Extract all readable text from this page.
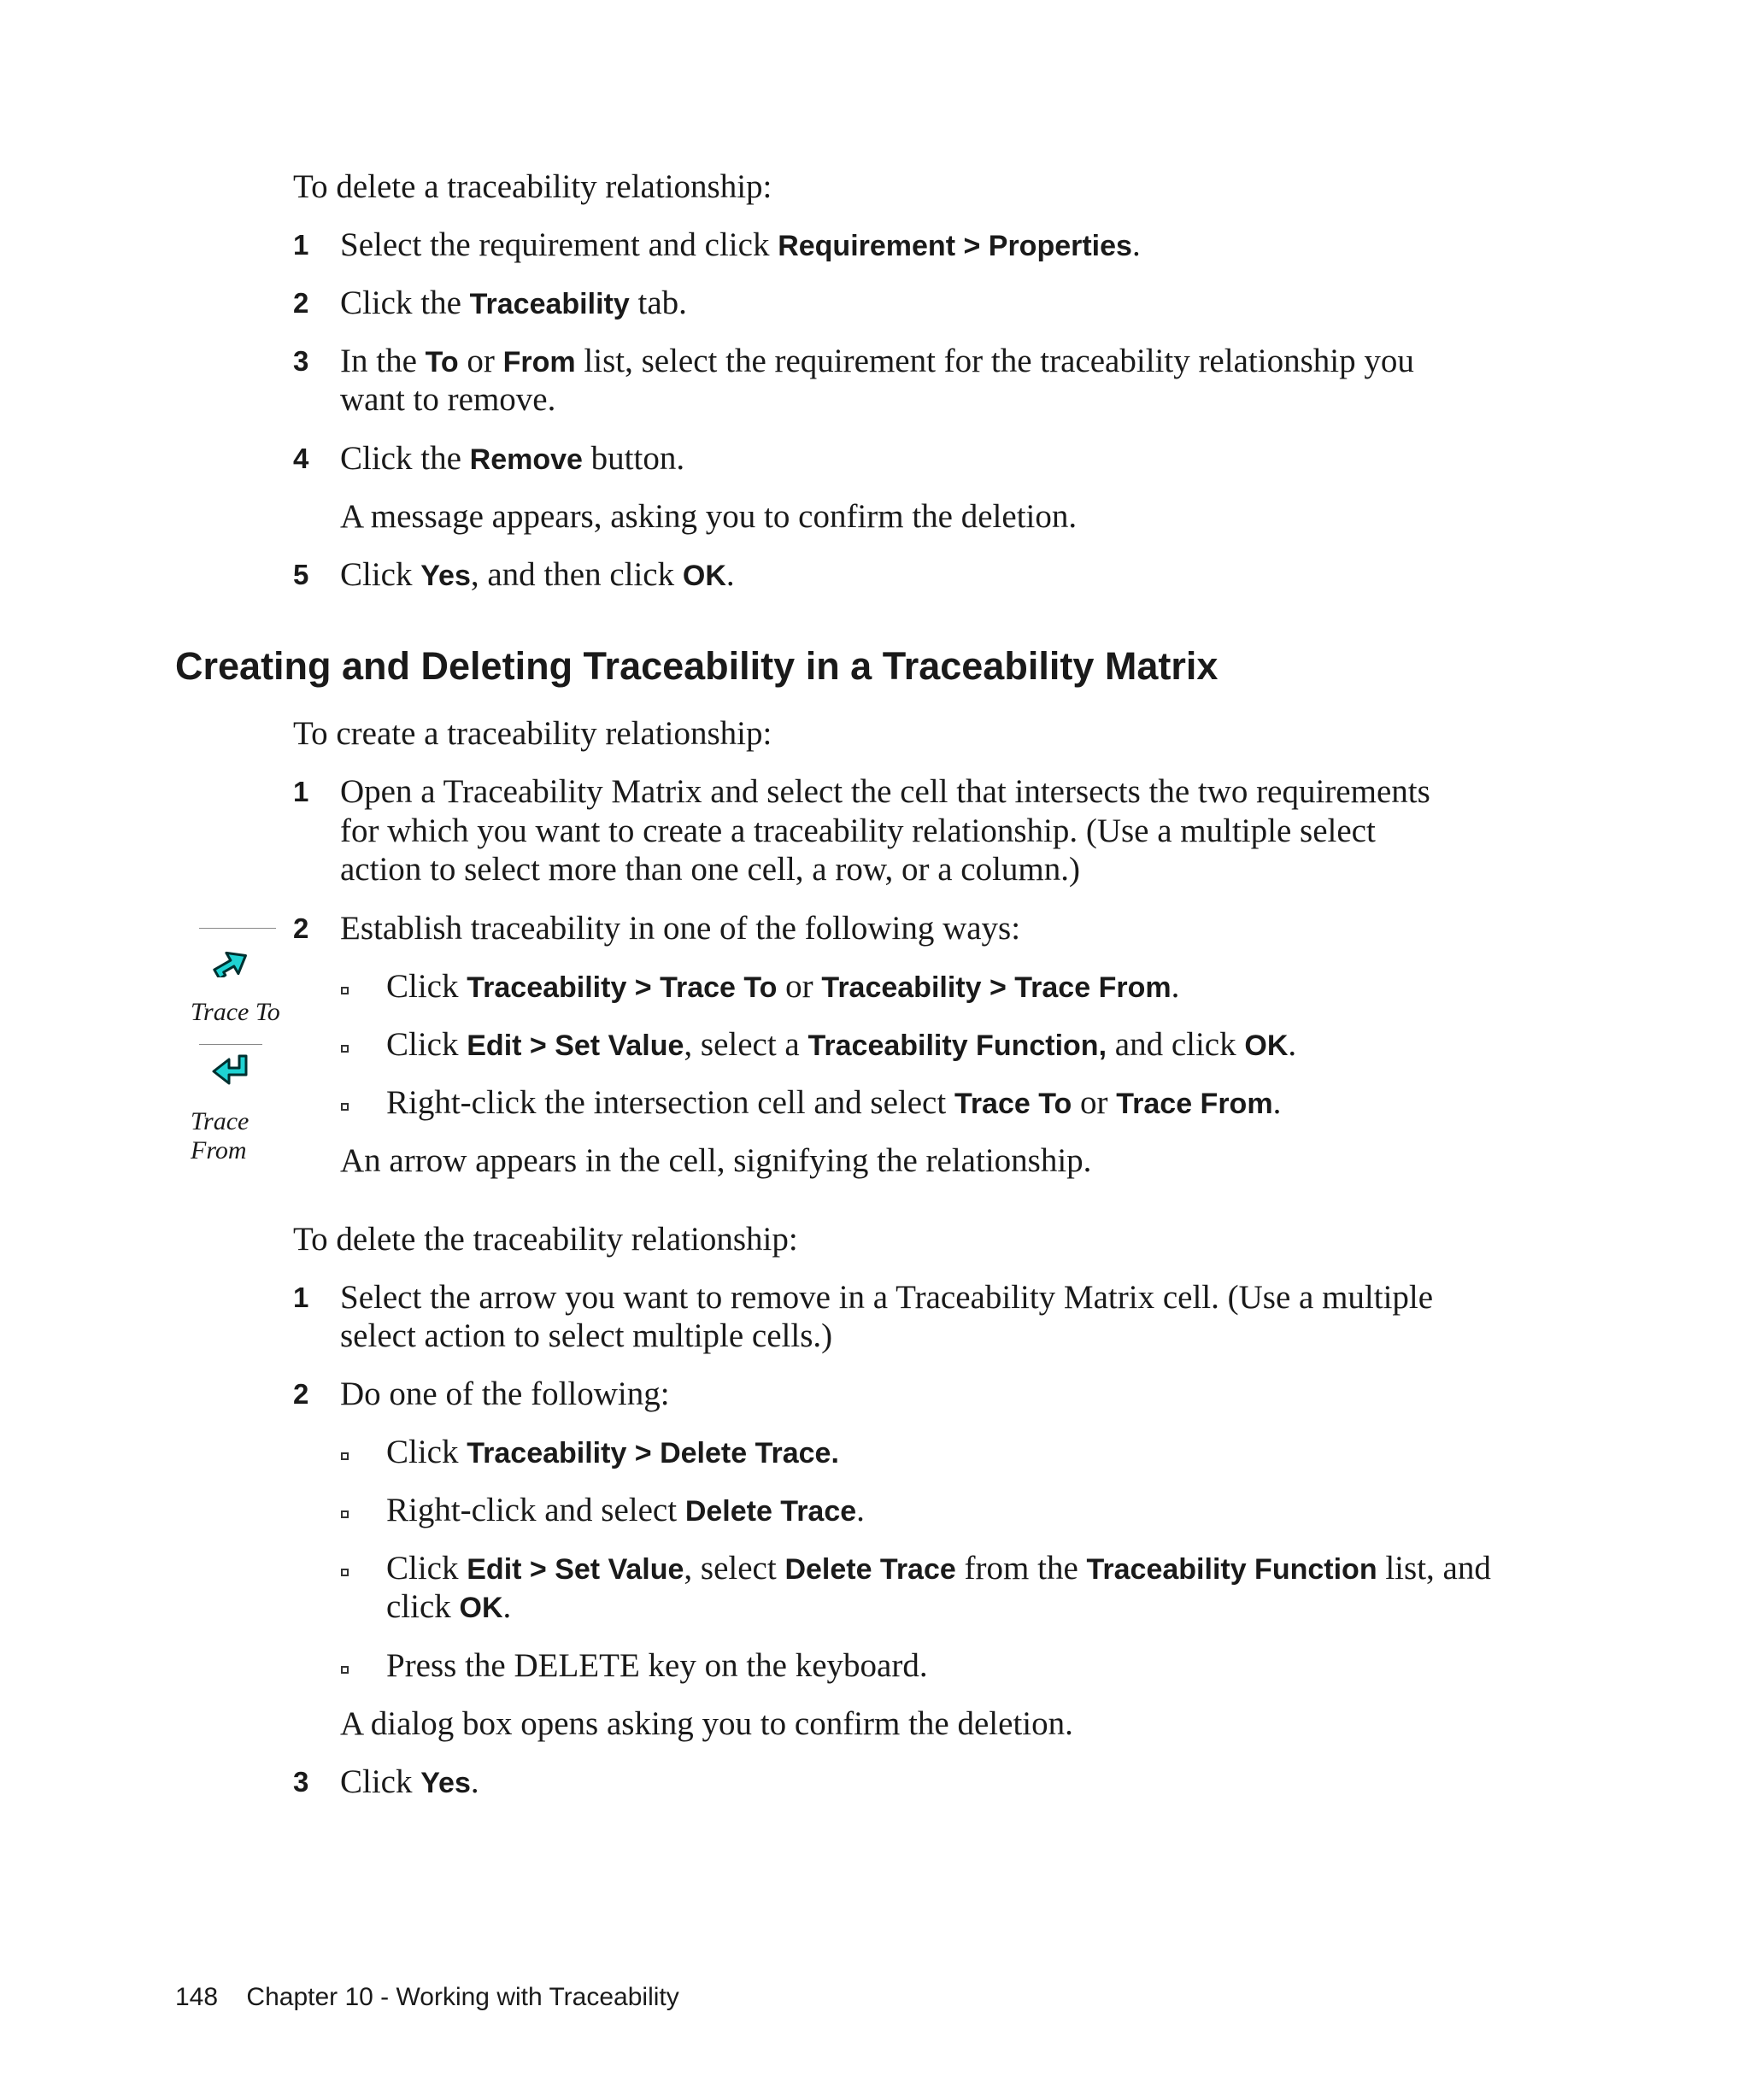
To delete a traceability relationship:
1 Select the requirement and click Requirement > Properties.
2 Click the Traceability tab.
3 In the To or From list, select the requirement for the traceability relationship you
want to remove.
4 Click the Remove button.
A message appears, asking you to confirm the deletion.
5 Click Yes, and then click OK.
Creating and Deleting Traceability in a Traceability Matrix
To create a traceability relationship:
1 Open a Traceability Matrix and select the cell that intersects the two requirements
for which you want to create a traceability relationship. (Use a multiple select
action to select more than one cell, a row, or a column.)
2 Establish traceability in one of the following ways:
Click Traceability > Trace To or Traceability > Trace From.
Click Edit > Set Value, select a Traceability Function, and click OK.
Right-click the intersection cell and select Trace To or Trace From.
An arrow appears in the cell, signifying the relationship.
Trace To
Trace
From
To delete the traceability relationship:
1 Select the arrow you want to remove in a Traceability Matrix cell. (Use a multiple
select action to select multiple cells.)
2 Do one of the following:
Click Traceability > Delete Trace.
Right-click and select Delete Trace.
Click Edit > Set Value, select Delete Trace from the Traceability Function list, and
click OK.
Press the DELETE key on the keyboard.
A dialog box opens asking you to confirm the deletion.
3 Click Yes.
148 Chapter 10 - Working with Traceability
